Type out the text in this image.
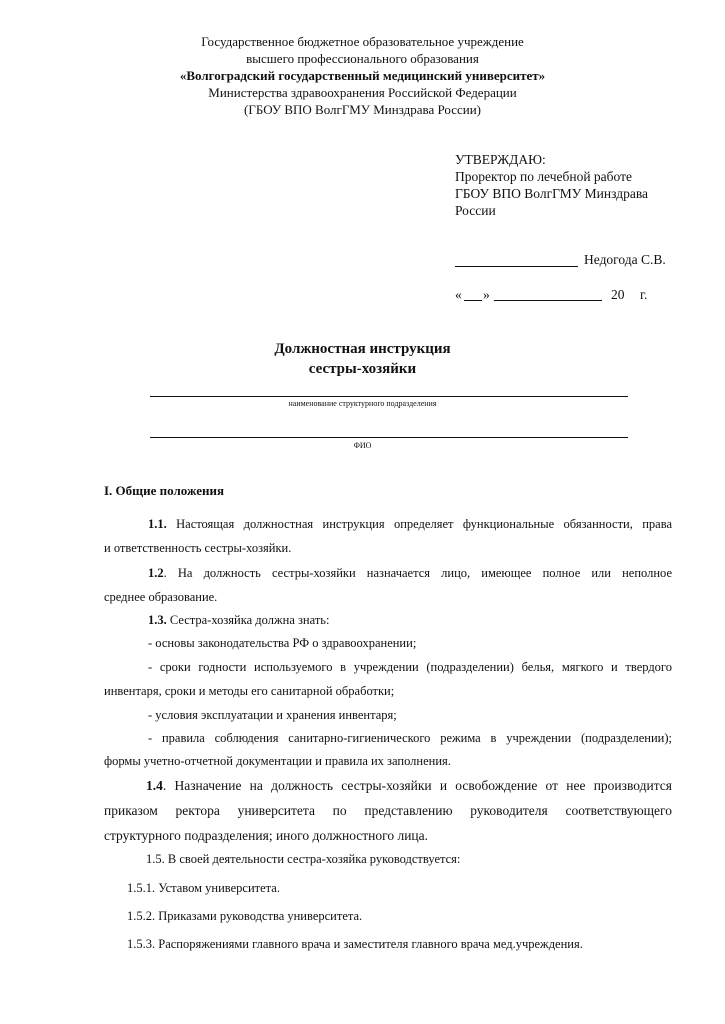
Государственное бюджетное образовательное учреждение
высшего профессионального образования
«Волгоградский государственный медицинский университет»
Министерства здравоохранения Российской Федерации
(ГБОУ ВПО ВолгГМУ Минздрава России)
УТВЕРЖДАЮ:
Проректор по лечебной работе
ГБОУ ВПО ВолгГМУ Минздрава
России
Недогода С.В.
« »	20 г.
Должностная инструкция
сестры-хозяйки
наименование структурного подразделения
ФИО
I. Общие положения
1.1. Настоящая должностная инструкция определяет функциональные обязанности, права
и ответственность сестры-хозяйки.
1.2. На должность сестры-хозяйки назначается лицо, имеющее полное или неполное
среднее образование.
1.3. Сестра-хозяйка должна знать:
- основы законодательства РФ о здравоохранении;
- сроки годности используемого в учреждении (подразделении) белья, мягкого и твердого
инвентаря, сроки и методы его санитарной обработки;
- условия эксплуатации и хранения инвентаря;
- правила соблюдения санитарно-гигиенического режима в учреждении (подразделении);
формы учетно-отчетной документации и правила их заполнения.
1.4. Назначение на должность сестры-хозяйки и освобождение от нее производится
приказом ректора университета по представлению руководителя соответствующего
структурного подразделения; иного должностного лица.
1.5. В своей деятельности сестра-хозяйка руководствуется:
1.5.1. Уставом университета.
1.5.2. Приказами руководства университета.
1.5.3. Распоряжениями главного врача и заместителя главного врача мед.учреждения.
